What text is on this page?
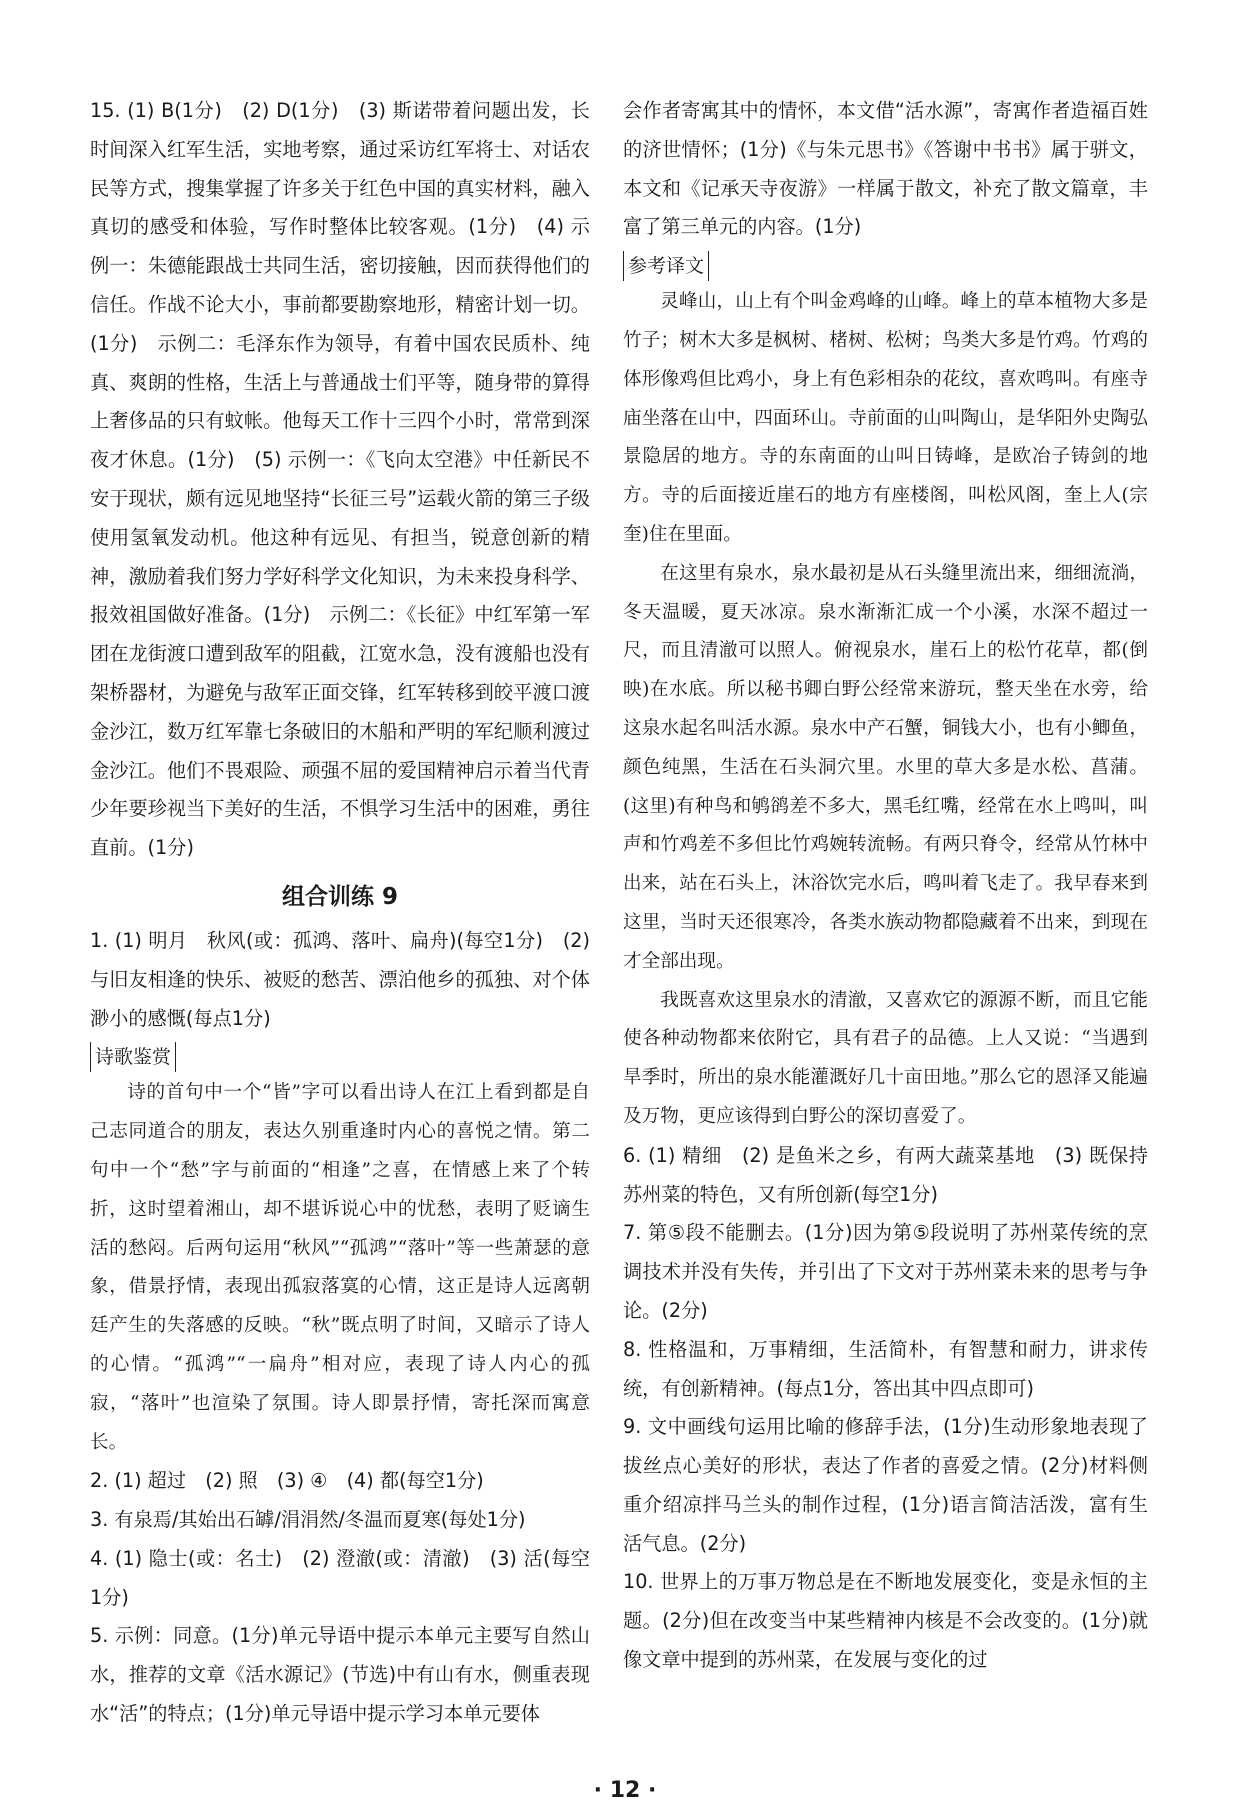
15. (1) B(1分)　(2) D(1分)　(3) 斯诺带着问题出发，长时间深入红军生活，实地考察，通过采访红军将士、对话农民等方式，搜集掌握了许多关于红色中国的真实材料，融入真切的感受和体验，写作时整体比较客观。(1分)　(4) 示例一：朱德能跟战士共同生活，密切接触，因而获得他们的信任。作战不论大小，事前都要勘察地形，精密计划一切。(1分)　示例二：毛泽东作为领导，有着中国农民质朴、纯真、爽朗的性格，生活上与普通战士们平等，随身带的算得上奢侈品的只有蚊帐。他每天工作十三四个小时，常常到深夜才休息。(1分)　(5) 示例一：《飞向太空港》中任新民不安于现状，颇有远见地坚持“长征三号”运载火箭的第三子级使用氢氧发动机。他这种有远见、有担当，锐意创新的精神，激励着我们努力学好科学文化知识，为未来投身科学、报效祖国做好准备。(1分)　示例二：《长征》中红军第一军团在龙街渡口遭到敌军的阻截，江宽水急，没有渡船也没有架桥器材，为避免与敌军正面交锋，红军转移到皎平渡口渡金沙江，数万红军靠七条破旧的木船和严明的军纪顺利渡过金沙江。他们不畏艰险、顽强不屈的爱国精神启示着当代青少年要珍视当下美好的生活，不惧学习生活中的困难，勇往直前。(1分)

组合训练 9

1. (1) 明月　秋风(或：孤鸿、落叶、扁舟)(每空1分)　(2) 与旧友相逢的快乐、被贬的愁苦、漂泊他乡的孤独、对个体渺小的感慨(每点1分)

诗歌鉴赏

诗的首句中一个“皆”字可以看出诗人在江上看到都是自己志同道合的朋友，表达久别重逢时内心的喜悦之情。第二句中一个“愁”字与前面的“相逢”之喜，在情感上来了个转折，这时望着湘山，却不堪诉说心中的忧愁，表明了贬谪生活的愁闷。后两句运用“秋风”“孤鸿”“落叶”等一些萧瑟的意象，借景抒情，表现出孤寂落寞的心情，这正是诗人远离朝廷产生的失落感的反映。“秋”既点明了时间，又暗示了诗人的心情。“孤鸿”“一扁舟”相对应，表现了诗人内心的孤寂，“落叶”也渲染了氛围。诗人即景抒情，寄托深而寓意长。

2. (1) 超过　(2) 照　(3) ④　(4) 都(每空1分)

3. 有泉焉/其始出石罅/涓涓然/冬温而夏寒(每处1分)

4. (1) 隐士(或：名士)　(2) 澄澈(或：清澈)　(3) 活(每空1分)

5. 示例：同意。(1分)单元导语中提示本单元主要写自然山水，推荐的文章《活水源记》(节选)中有山有水，侧重表现水“活”的特点；(1分)单元导语中提示学习本单元要体

会作者寄寓其中的情怀，本文借“活水源”，寄寓作者造福百姓的济世情怀；(1分)《与朱元思书》《答谢中书书》属于骈文，本文和《记承天寺夜游》一样属于散文，补充了散文篇章，丰富了第三单元的内容。(1分)

参考译文

灵峰山，山上有个叫金鸡峰的山峰。峰上的草本植物大多是竹子；树木大多是枫树、楮树、松树；鸟类大多是竹鸡。竹鸡的体形像鸡但比鸡小，身上有色彩相杂的花纹，喜欢鸣叫。有座寺庙坐落在山中，四面环山。寺前面的山叫陶山，是华阳外史陶弘景隐居的地方。寺的东南面的山叫日铸峰，是欧冶子铸剑的地方。寺的后面接近崖石的地方有座楼阁，叫松风阁，奎上人(宗奎)住在里面。

在这里有泉水，泉水最初是从石头缝里流出来，细细流淌，冬天温暖，夏天冰凉。泉水渐渐汇成一个小溪，水深不超过一尺，而且清澈可以照人。俯视泉水，崖石上的松竹花草，都(倒映)在水底。所以秘书卿白野公经常来游玩，整天坐在水旁，给这泉水起名叫活水源。泉水中产石蟹，铜钱大小，也有小鲫鱼，颜色纯黑，生活在石头洞穴里。水里的草大多是水松、菖蒲。(这里)有种鸟和鸲鹆差不多大，黑毛红嘴，经常在水上鸣叫，叫声和竹鸡差不多但比竹鸡婉转流畅。有两只脊令，经常从竹林中出来，站在石头上，沐浴饮完水后，鸣叫着飞走了。我早春来到这里，当时天还很寒冷，各类水族动物都隐藏着不出来，到现在才全部出现。

我既喜欢这里泉水的清澈，又喜欢它的源源不断，而且它能使各种动物都来依附它，具有君子的品德。上人又说：“当遇到旱季时，所出的泉水能灌溉好几十亩田地。”那么它的恩泽又能遍及万物，更应该得到白野公的深切喜爱了。

6. (1) 精细　(2) 是鱼米之乡，有两大蔬菜基地　(3) 既保持苏州菜的特色，又有所创新(每空1分)

7. 第⑤段不能删去。(1分)因为第⑤段说明了苏州菜传统的烹调技术并没有失传，并引出了下文对于苏州菜未来的思考与争论。(2分)

8. 性格温和，万事精细，生活简朴，有智慧和耐力，讲求传统，有创新精神。(每点1分，答出其中四点即可)

9. 文中画线句运用比喻的修辞手法，(1分)生动形象地表现了拔丝点心美好的形状，表达了作者的喜爱之情。(2分)材料侧重介绍凉拌马兰头的制作过程，(1分)语言简洁活泼，富有生活气息。(2分)

10. 世界上的万事万物总是在不断地发展变化，变是永恒的主题。(2分)但在改变当中某些精神内核是不会改变的。(1分)就像文章中提到的苏州菜，在发展与变化的过

· 12 ·
